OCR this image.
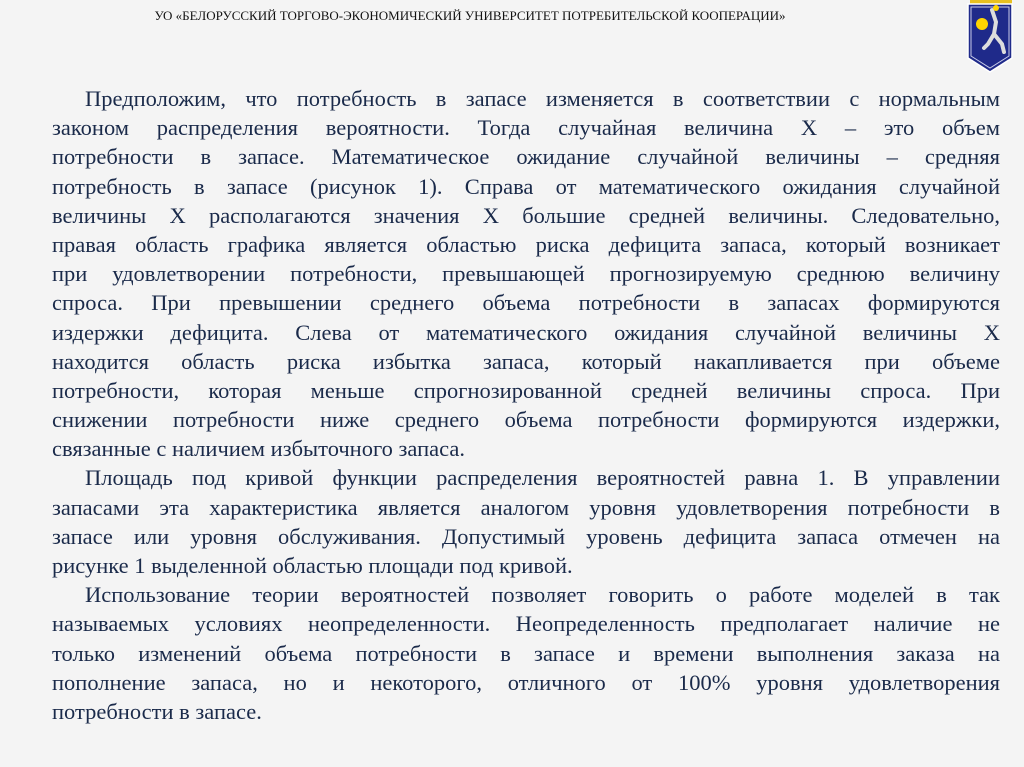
УО «БЕЛОРУССКИЙ ТОРГОВО-ЭКОНОМИЧЕСКИЙ УНИВЕРСИТЕТ ПОТРЕБИТЕЛЬСКОЙ КООПЕРАЦИИ»
Предположим, что потребность в запасе изменяется в соответствии с нормальным
законом распределения вероятности. Тогда случайная величина X – это объем
потребности в запасе. Математическое ожидание случайной величины – средняя
потребность в запасе (рисунок 1). Справа от математического ожидания случайной
величины X располагаются значения X большие средней величины. Следовательно,
правая область графика является областью риска дефицита запаса, который возникает
при удовлетворении потребности, превышающей прогнозируемую среднюю величину
спроса. При превышении среднего объема потребности в запасах формируются
издержки дефицита. Слева от математического ожидания случайной величины X
находится область риска избытка запаса, который накапливается при объеме
потребности, которая меньше спрогнозированной средней величины спроса. При
снижении потребности ниже среднего объема потребности формируются издержки,
связанные с наличием избыточного запаса.
Площадь под кривой функции распределения вероятностей равна 1. В управлении
запасами эта характеристика является аналогом уровня удовлетворения потребности в
запасе или уровня обслуживания. Допустимый уровень дефицита запаса отмечен на
рисунке 1 выделенной областью площади под кривой.
Использование теории вероятностей позволяет говорить о работе моделей в так
называемых условиях неопределенности. Неопределенность предполагает наличие не
только изменений объема потребности в запасе и времени выполнения заказа на
пополнение запаса, но и некоторого, отличного от 100% уровня удовлетворения
потребности в запасе.
